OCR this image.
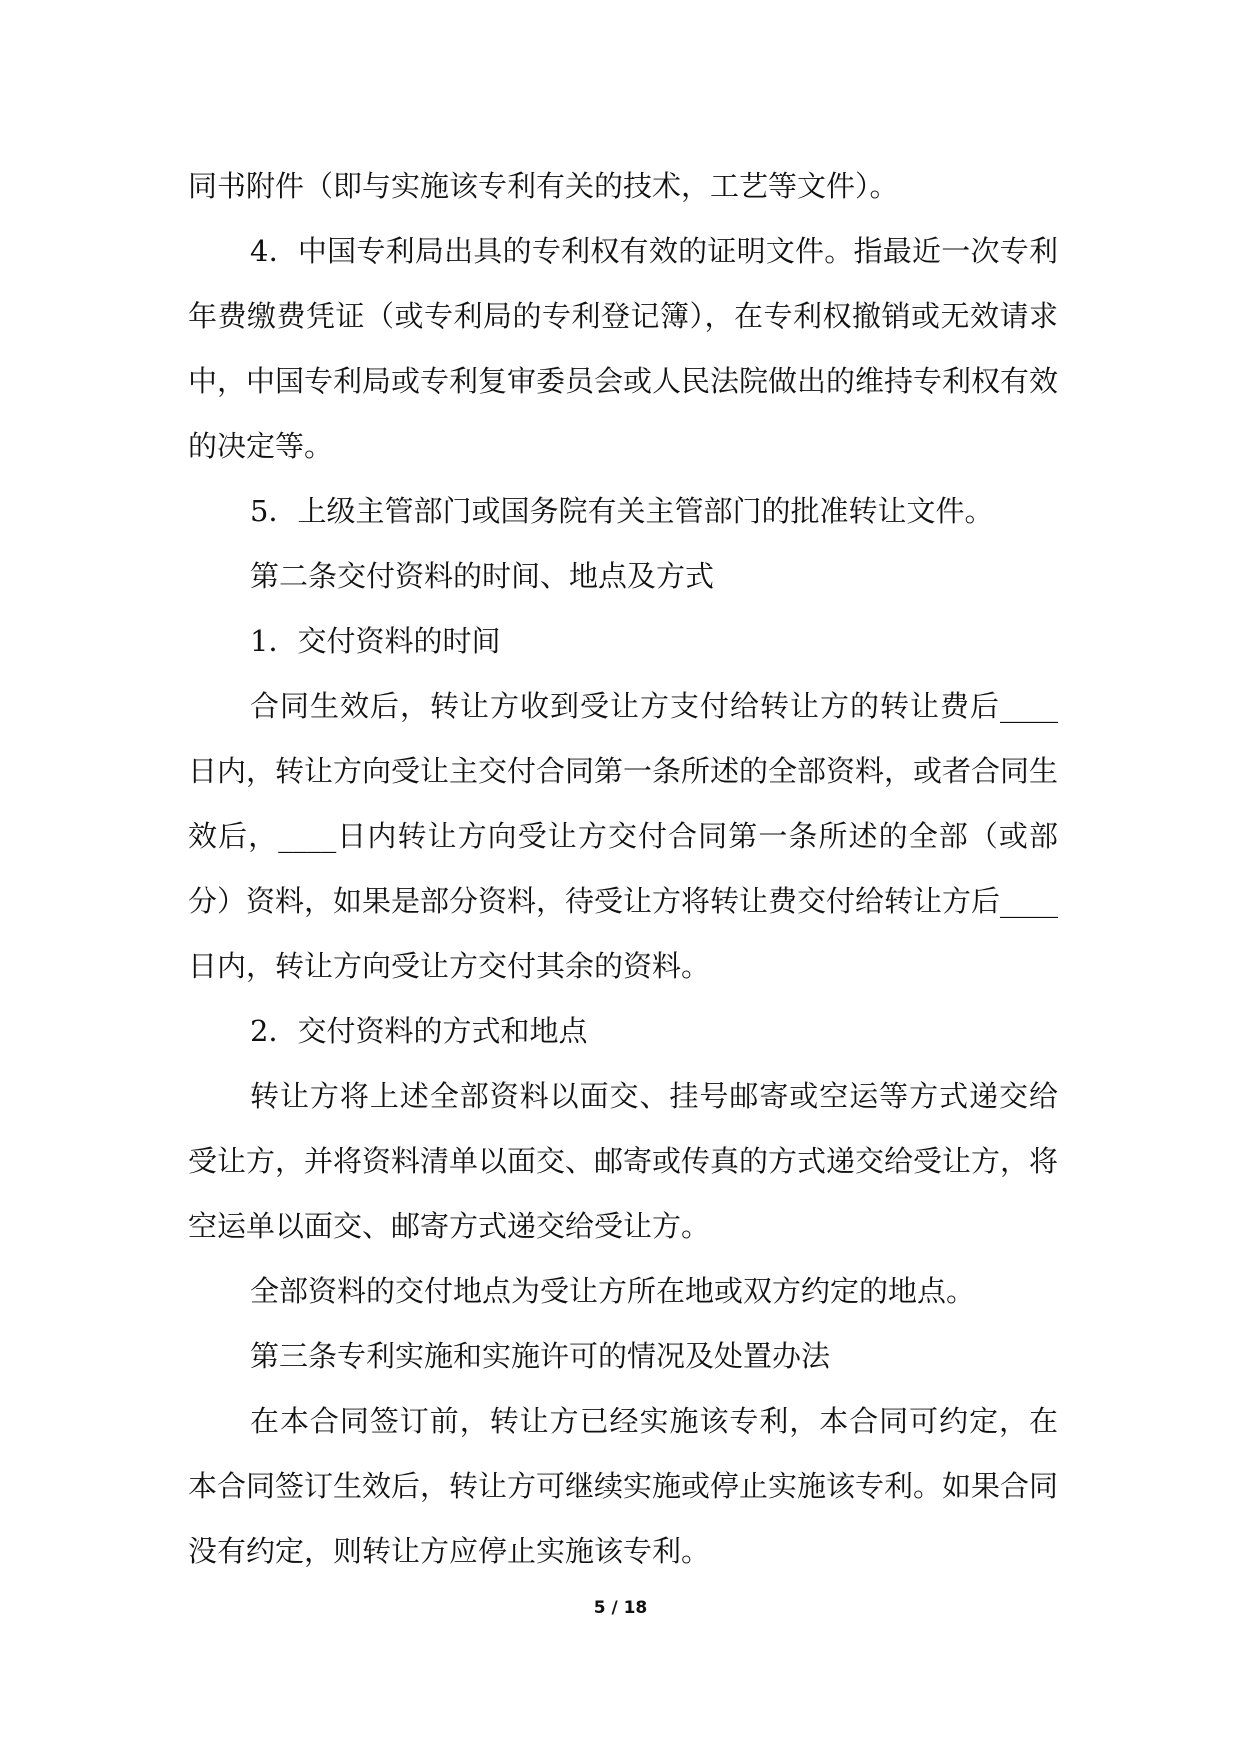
同书附件（即与实施该专利有关的技术，工艺等文件）。

4．中国专利局出具的专利权有效的证明文件。指最近一次专利年费缴费凭证（或专利局的专利登记簿），在专利权撤销或无效请求中，中国专利局或专利复审委员会或人民法院做出的维持专利权有效的决定等。

5．上级主管部门或国务院有关主管部门的批准转让文件。

第二条交付资料的时间、地点及方式

1．交付资料的时间

合同生效后，转让方收到受让方支付给转让方的转让费后____日内，转让方向受让主交付合同第一条所述的全部资料，或者合同生效后，____日内转让方向受让方交付合同第一条所述的全部（或部分）资料，如果是部分资料，待受让方将转让费交付给转让方后____日内，转让方向受让方交付其余的资料。

2．交付资料的方式和地点

转让方将上述全部资料以面交、挂号邮寄或空运等方式递交给受让方，并将资料清单以面交、邮寄或传真的方式递交给受让方，将空运单以面交、邮寄方式递交给受让方。

全部资料的交付地点为受让方所在地或双方约定的地点。

第三条专利实施和实施许可的情况及处置办法

在本合同签订前，转让方已经实施该专利，本合同可约定，在本合同签订生效后，转让方可继续实施或停止实施该专利。如果合同没有约定，则转让方应停止实施该专利。

5 / 18
